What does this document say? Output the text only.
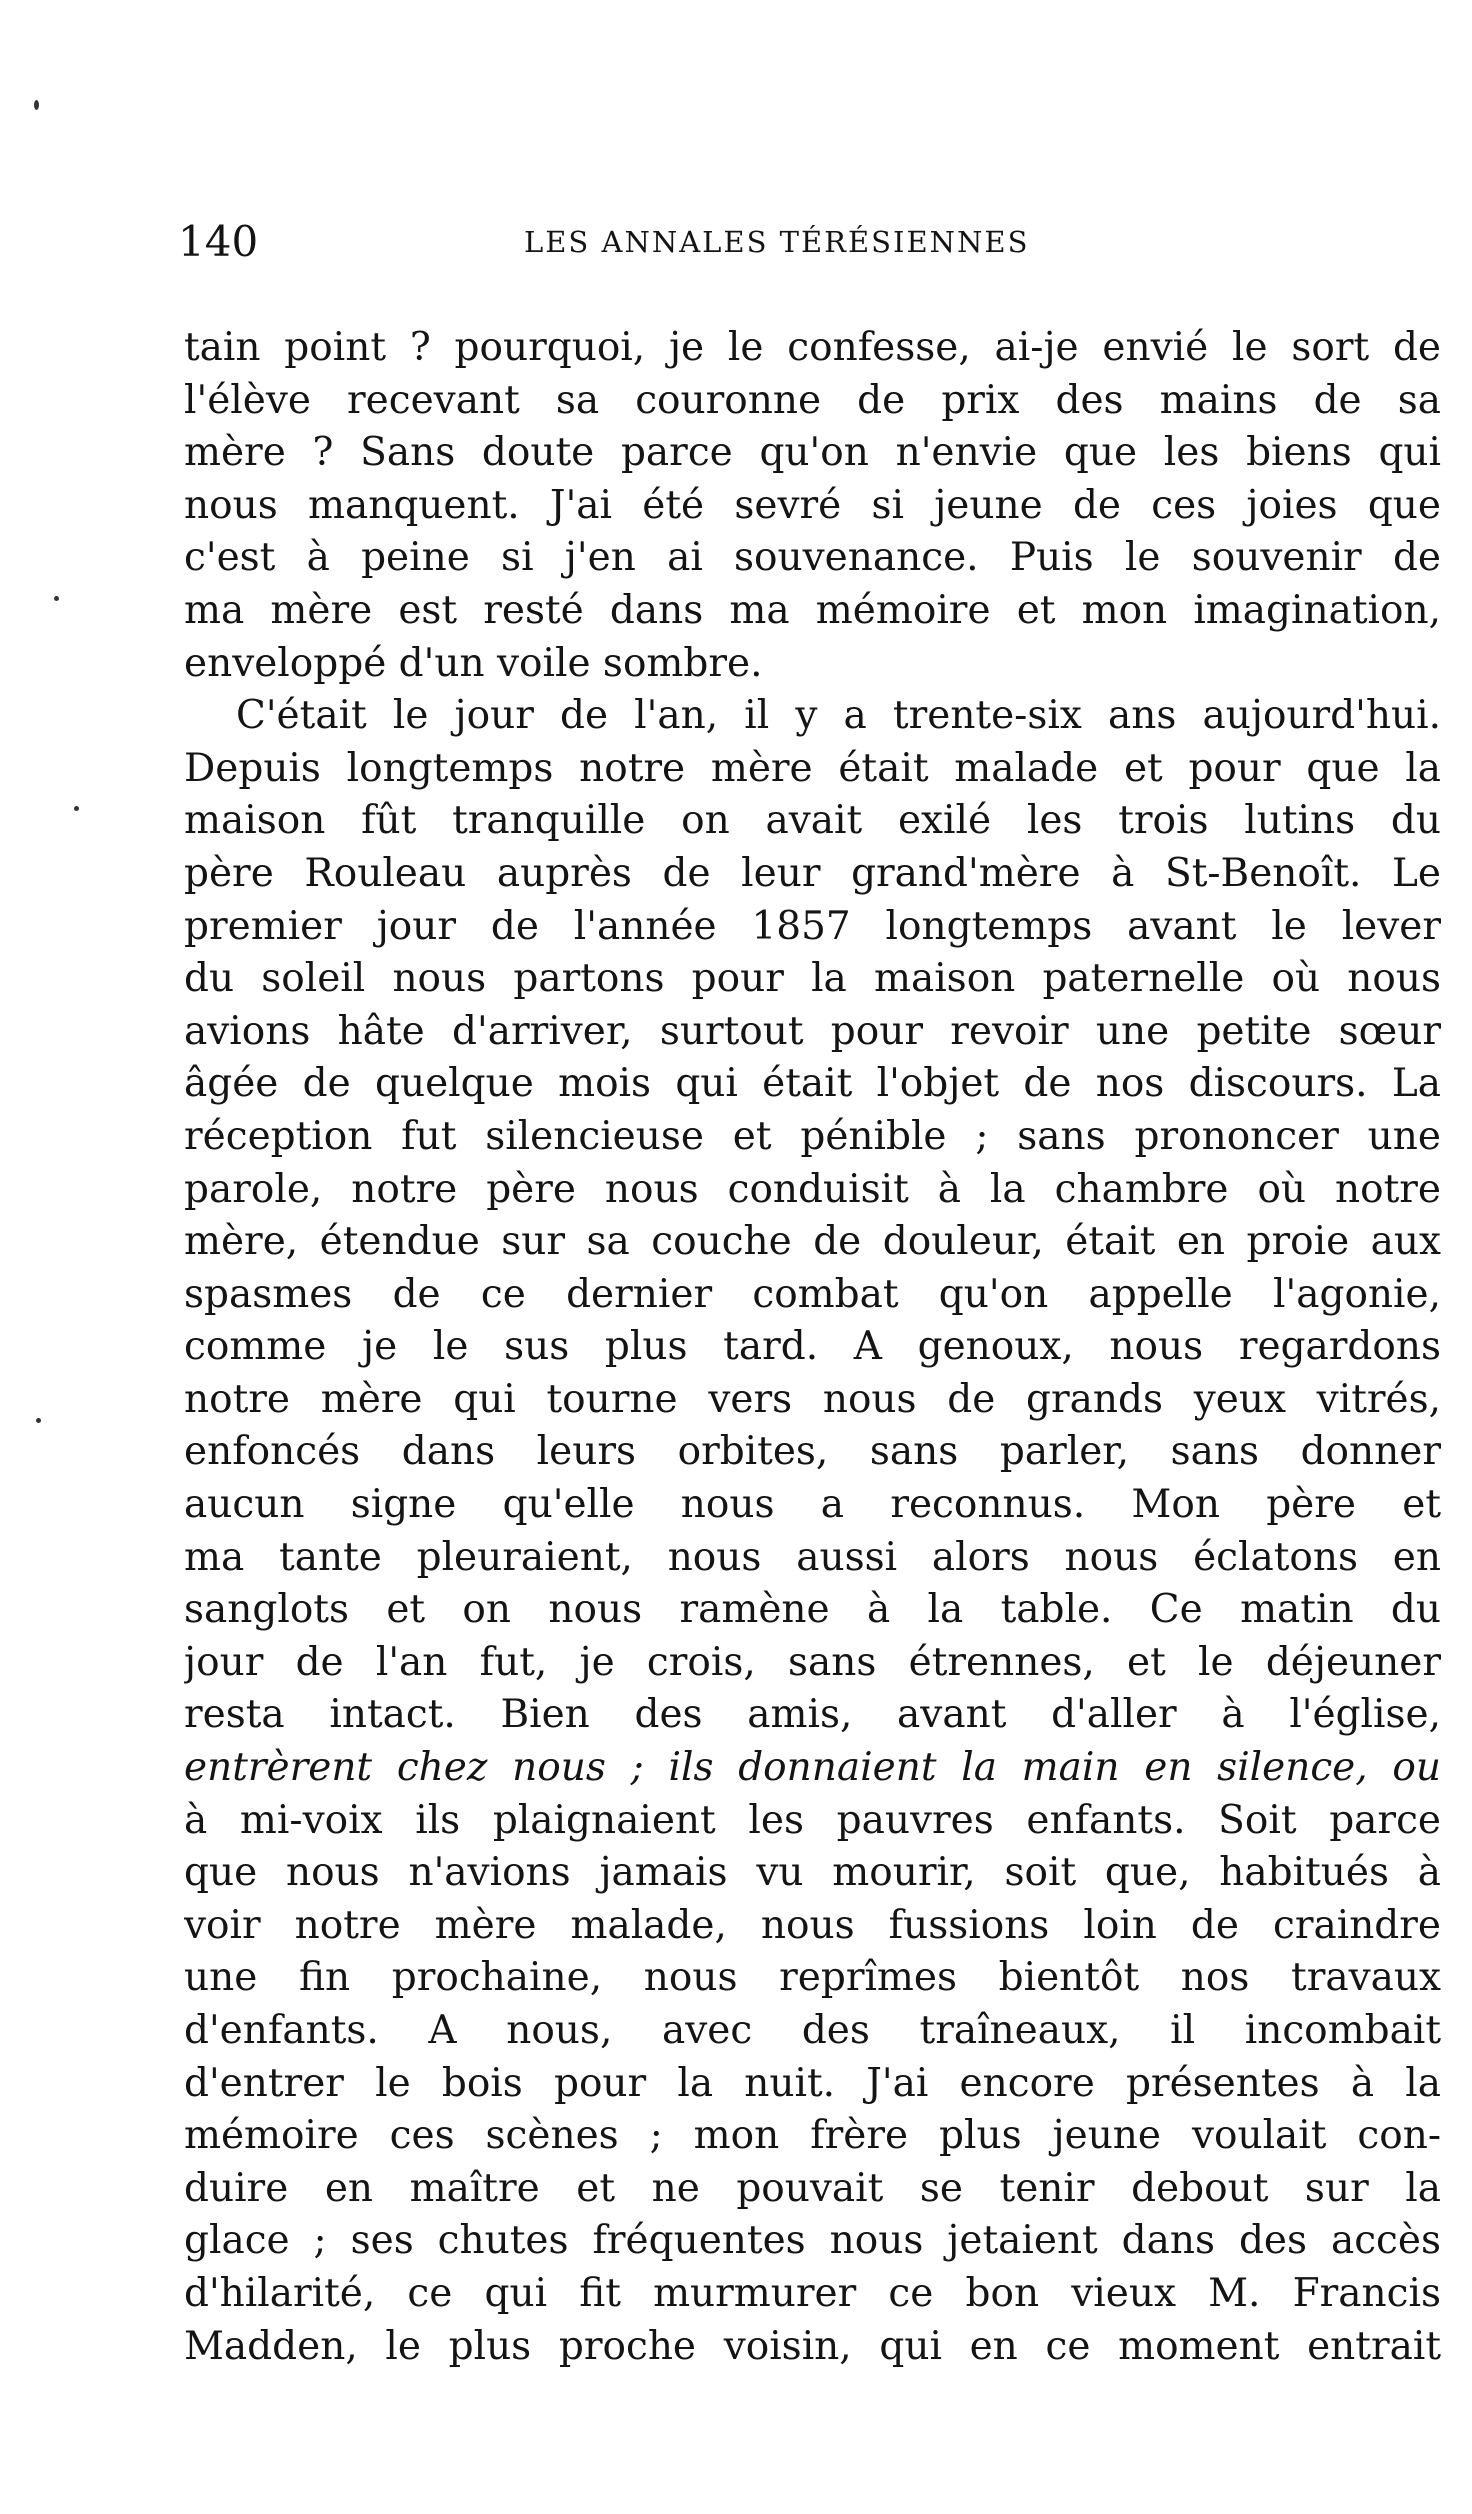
140	LES ANNALES TÉRÉSIENNES
tain point ? pourquoi, je le confesse, ai-je envié le sort de
l'élève recevant sa couronne de prix des mains de sa
mère ? Sans doute parce qu'on n'envie que les biens qui
nous manquent. J'ai été sevré si jeune de ces joies que
c'est à peine si j'en ai souvenance. Puis le souvenir de
ma mère est resté dans ma mémoire et mon imagination,
enveloppé d'un voile sombre.
C'était le jour de l'an, il y a trente-six ans aujourd'hui.
Depuis longtemps notre mère était malade et pour que la
maison fût tranquille on avait exilé les trois lutins du
père Rouleau auprès de leur grand'mère à St-Benoît. Le
premier jour de l'année 1857 longtemps avant le lever
du soleil nous partons pour la maison paternelle où nous
avions hâte d'arriver, surtout pour revoir une petite sœur
âgée de quelque mois qui était l'objet de nos discours. La
réception fut silencieuse et pénible ; sans prononcer une
parole, notre père nous conduisit à la chambre où notre
mère, étendue sur sa couche de douleur, était en proie aux
spasmes de ce dernier combat qu'on appelle l'agonie,
comme je le sus plus tard. A genoux, nous regardons
notre mère qui tourne vers nous de grands yeux vitrés,
enfoncés dans leurs orbites, sans parler, sans donner
aucun signe qu'elle nous a reconnus. Mon père et
ma tante pleuraient, nous aussi alors nous éclatons en
sanglots et on nous ramène à la table. Ce matin du
jour de l'an fut, je crois, sans étrennes, et le déjeuner
resta intact. Bien des amis, avant d'aller à l'église,
entrèrent chez nous ; ils donnaient la main en silence, ou
à mi-voix ils plaignaient les pauvres enfants. Soit parce
que nous n'avions jamais vu mourir, soit que, habitués à
voir notre mère malade, nous fussions loin de craindre
une fin prochaine, nous reprîmes bientôt nos travaux
d'enfants. A nous, avec des traîneaux, il incombait
d'entrer le bois pour la nuit. J'ai encore présentes à la
mémoire ces scènes ; mon frère plus jeune voulait con-
duire en maître et ne pouvait se tenir debout sur la
glace ; ses chutes fréquentes nous jetaient dans des accès
d'hilarité, ce qui fit murmurer ce bon vieux M. Francis
Madden, le plus proche voisin, qui en ce moment entrait
